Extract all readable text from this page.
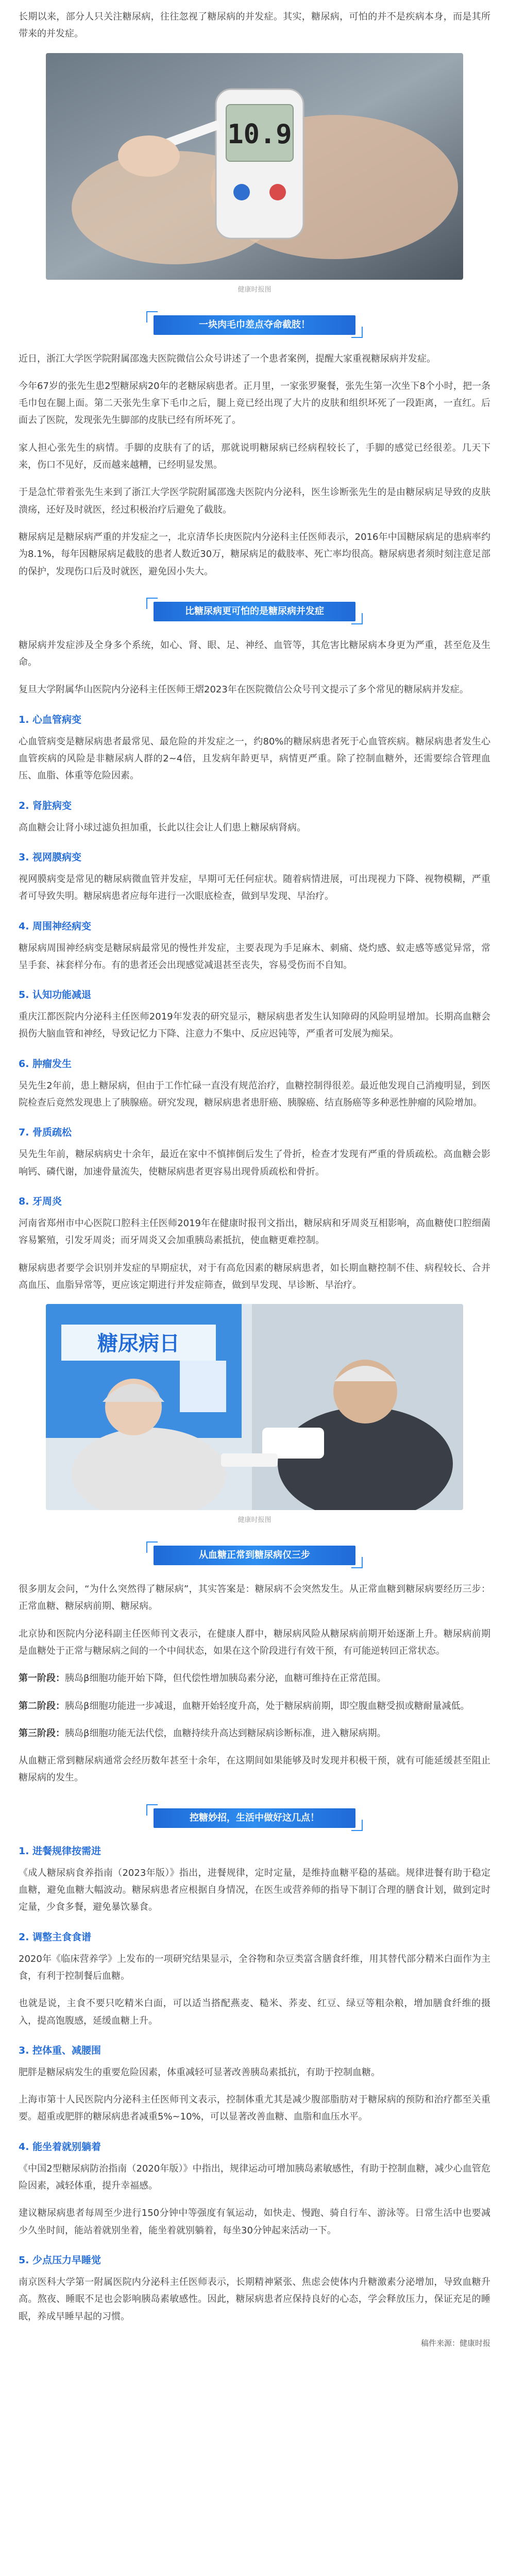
长期以来，部分人只关注糖尿病，往往忽视了糖尿病的并发症。其实，糖尿病，可怕的并不是疾病本身，而是其所带来的并发症。

10.9
健康时报图
一块肉毛巾差点夺命截肢！

近日，浙江大学医学院附属邵逸夫医院微信公众号讲述了一个患者案例，提醒大家重视糖尿病并发症。

今年67岁的张先生患2型糖尿病20年的老糖尿病患者。正月里，一家张罗聚餐，张先生第一次坐下8个小时，把一条毛巾包在腿上面。第二天张先生拿下毛巾之后，腿上竟已经出现了大片的皮肤和组织坏死了一段距离，一直红。后面去了医院，发现张先生脚部的皮肤已经有所坏死了。

家人担心张先生的病情。手脚的皮肤有了的话，那就说明糖尿病已经病程较长了，手脚的感觉已经很差。几天下来，伤口不见好，反而越来越糟，已经明显发黑。

于是急忙带着张先生来到了浙江大学医学院附属邵逸夫医院内分泌科，医生诊断张先生的是由糖尿病足导致的皮肤溃疡，还好及时就医，经过积极治疗后避免了截肢。

糖尿病足是糖尿病严重的并发症之一，北京清华长庚医院内分泌科主任医师表示，2016年中国糖尿病足的患病率约为8.1%，每年因糖尿病足截肢的患者人数近30万，糖尿病足的截肢率、死亡率均很高。糖尿病患者须时刻注意足部的保护，发现伤口后及时就医，避免因小失大。

比糖尿病更可怕的是糖尿病并发症

糖尿病并发症涉及全身多个系统，如心、肾、眼、足、神经、血管等，其危害比糖尿病本身更为严重，甚至危及生命。

复旦大学附属华山医院内分泌科主任医师王熠2023年在医院微信公众号刊文提示了多个常见的糖尿病并发症。

1. 心血管病变

心血管病变是糖尿病患者最常见、最危险的并发症之一，约80%的糖尿病患者死于心血管疾病。糖尿病患者发生心血管疾病的风险是非糖尿病人群的2~4倍，且发病年龄更早，病情更严重。除了控制血糖外，还需要综合管理血压、血脂、体重等危险因素。

2. 肾脏病变

高血糖会让肾小球过滤负担加重，长此以往会让人们患上糖尿病肾病。

3. 视网膜病变

视网膜病变是常见的糖尿病微血管并发症，早期可无任何症状。随着病情进展，可出现视力下降、视物模糊，严重者可导致失明。糖尿病患者应每年进行一次眼底检查，做到早发现、早治疗。

4. 周围神经病变

糖尿病周围神经病变是糖尿病最常见的慢性并发症，主要表现为手足麻木、刺痛、烧灼感、蚁走感等感觉异常，常呈手套、袜套样分布。有的患者还会出现感觉减退甚至丧失，容易受伤而不自知。

5. 认知功能减退

重庆江都医院内分泌科主任医师2019年发表的研究显示，糖尿病患者发生认知障碍的风险明显增加。长期高血糖会损伤大脑血管和神经，导致记忆力下降、注意力不集中、反应迟钝等，严重者可发展为痴呆。

6. 肿瘤发生

吴先生2年前，患上糖尿病，但由于工作忙碌一直没有规范治疗，血糖控制得很差。最近他发现自己消瘦明显，到医院检查后竟然发现患上了胰腺癌。研究发现，糖尿病患者患肝癌、胰腺癌、结直肠癌等多种恶性肿瘤的风险增加。

7. 骨质疏松

吴先生年前，糖尿病病史十余年，最近在家中不慎摔倒后发生了骨折，检查才发现有严重的骨质疏松。高血糖会影响钙、磷代谢，加速骨量流失，使糖尿病患者更容易出现骨质疏松和骨折。

8. 牙周炎

河南省郑州市中心医院口腔科主任医师2019年在健康时报刊文指出，糖尿病和牙周炎互相影响，高血糖使口腔细菌容易繁殖，引发牙周炎；而牙周炎又会加重胰岛素抵抗，使血糖更难控制。

糖尿病患者要学会识别并发症的早期症状，对于有高危因素的糖尿病患者，如长期血糖控制不佳、病程较长、合并高血压、血脂异常等，更应该定期进行并发症筛查，做到早发现、早诊断、早治疗。

糖尿病日
健康时报图
从血糖正常到糖尿病仅三步

很多朋友会问，“为什么突然得了糖尿病”，其实答案是：糖尿病不会突然发生。从正常血糖到糖尿病要经历三步：正常血糖、糖尿病前期、糖尿病。

北京协和医院内分泌科副主任医师刊文表示，在健康人群中，糖尿病风险从糖尿病前期开始逐渐上升。糖尿病前期是血糖处于正常与糖尿病之间的一个中间状态，如果在这个阶段进行有效干预，有可能逆转回正常状态。

第一阶段：胰岛β细胞功能开始下降，但代偿性增加胰岛素分泌，血糖可维持在正常范围。

第二阶段：胰岛β细胞功能进一步减退，血糖开始轻度升高，处于糖尿病前期，即空腹血糖受损或糖耐量减低。

第三阶段：胰岛β细胞功能无法代偿，血糖持续升高达到糖尿病诊断标准，进入糖尿病期。

从血糖正常到糖尿病通常会经历数年甚至十余年，在这期间如果能够及时发现并积极干预，就有可能延缓甚至阻止糖尿病的发生。

控糖妙招，生活中做好这几点！
1. 进餐规律按需进

《成人糖尿病食养指南（2023年版）》指出，进餐规律，定时定量，是维持血糖平稳的基础。规律进餐有助于稳定血糖，避免血糖大幅波动。糖尿病患者应根据自身情况，在医生或营养师的指导下制订合理的膳食计划，做到定时定量，少食多餐，避免暴饮暴食。

2. 调整主食食谱

2020年《临床营养学》上发布的一项研究结果显示，全谷物和杂豆类富含膳食纤维，用其替代部分精米白面作为主食，有利于控制餐后血糖。

也就是说，主食不要只吃精米白面，可以适当搭配燕麦、糙米、荞麦、红豆、绿豆等粗杂粮，增加膳食纤维的摄入，提高饱腹感，延缓血糖上升。

3. 控体重、减腰围

肥胖是糖尿病发生的重要危险因素，体重减轻可显著改善胰岛素抵抗，有助于控制血糖。

上海市第十人民医院内分泌科主任医师刊文表示，控制体重尤其是减少腹部脂肪对于糖尿病的预防和治疗都至关重要。超重或肥胖的糖尿病患者减重5%~10%，可以显著改善血糖、血脂和血压水平。

4. 能坐着就别躺着

《中国2型糖尿病防治指南（2020年版）》中指出，规律运动可增加胰岛素敏感性，有助于控制血糖，减少心血管危险因素，减轻体重，提升幸福感。

建议糖尿病患者每周至少进行150分钟中等强度有氧运动，如快走、慢跑、骑自行车、游泳等。日常生活中也要减少久坐时间，能站着就别坐着，能坐着就别躺着，每坐30分钟起来活动一下。

5. 少点压力早睡觉

南京医科大学第一附属医院内分泌科主任医师表示，长期精神紧张、焦虑会使体内升糖激素分泌增加，导致血糖升高。熬夜、睡眠不足也会影响胰岛素敏感性。因此，糖尿病患者应保持良好的心态，学会释放压力，保证充足的睡眠，养成早睡早起的习惯。

稿件来源：健康时报
